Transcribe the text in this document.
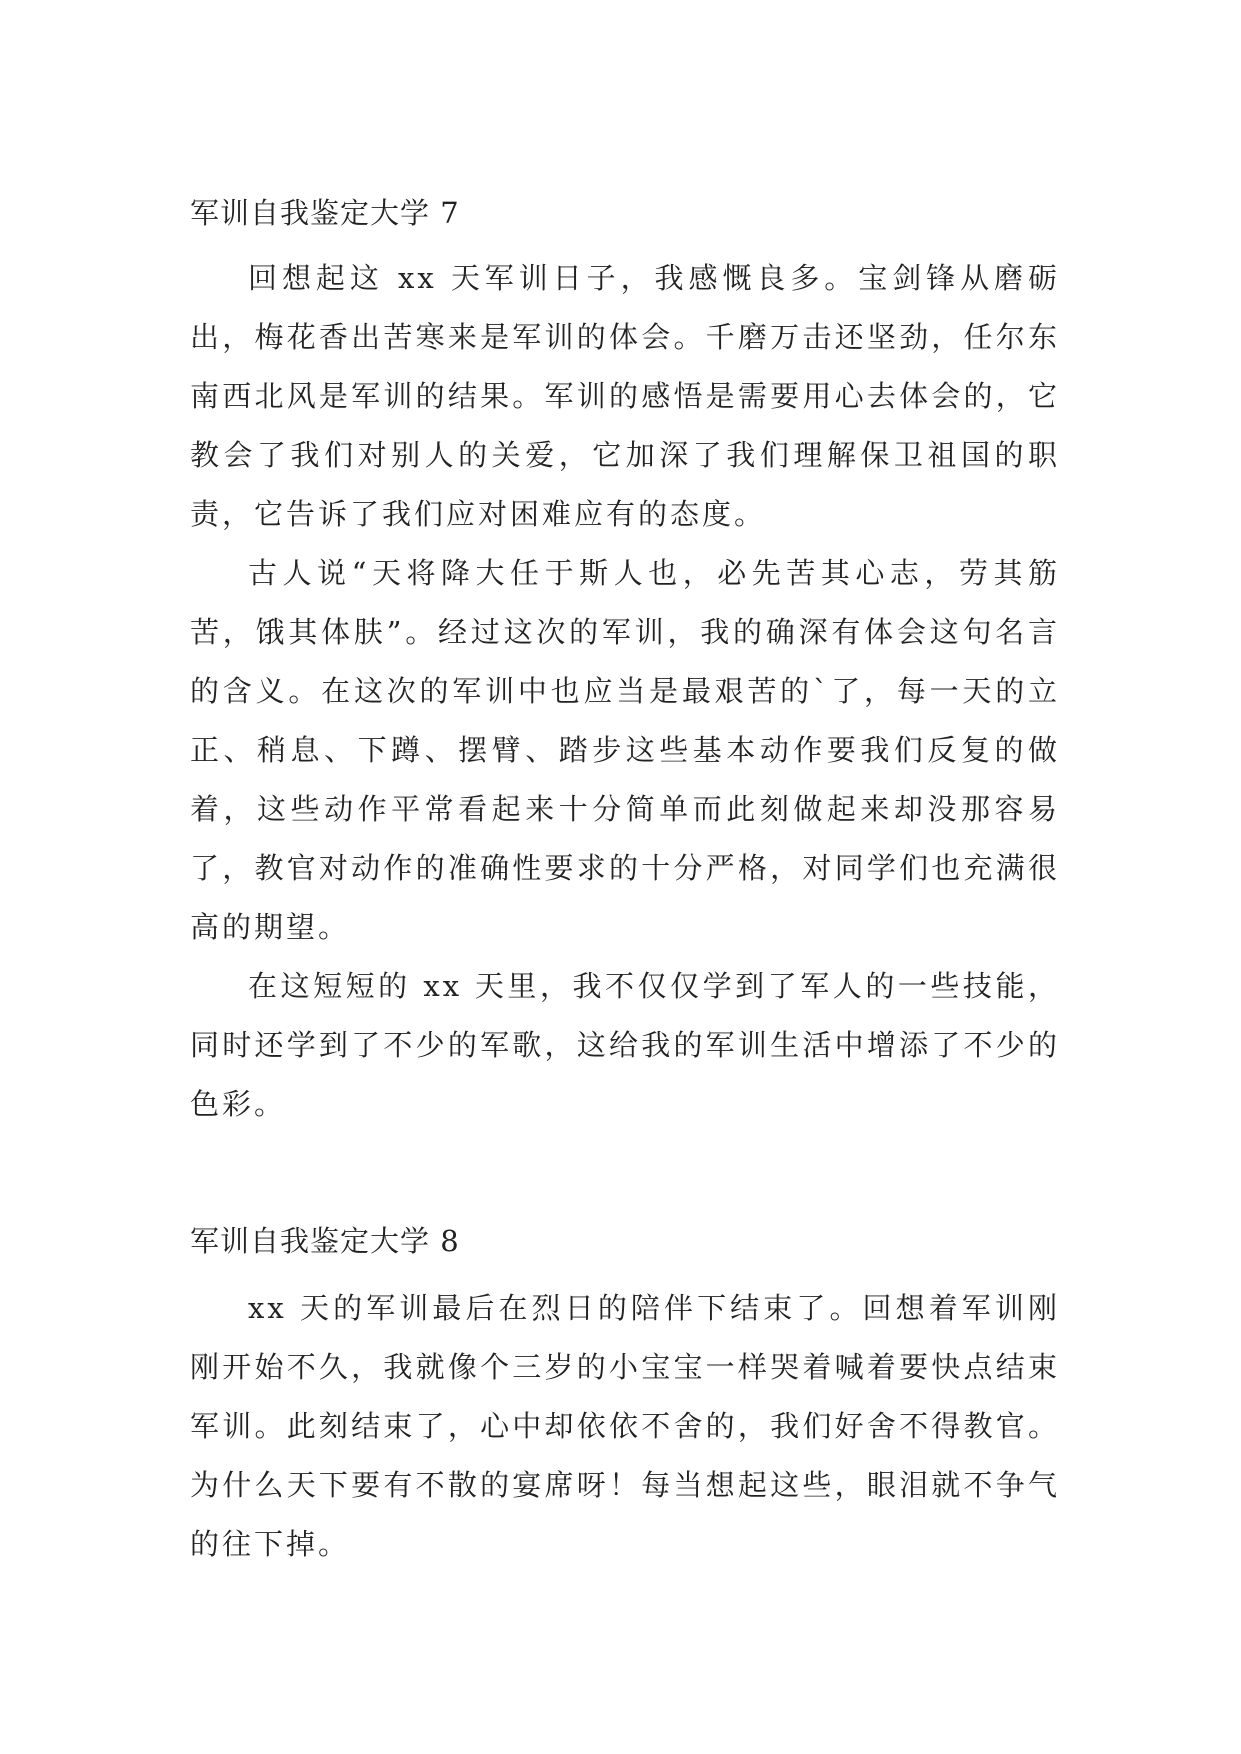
军训自我鉴定大学 7

回想起这 xx 天军训日子，我感慨良多。宝剑锋从磨砺出，梅花香出苦寒来是军训的体会。千磨万击还坚劲，任尔东南西北风是军训的结果。军训的感悟是需要用心去体会的，它教会了我们对别人的关爱，它加深了我们理解保卫祖国的职责，它告诉了我们应对困难应有的态度。

古人说“天将降大任于斯人也，必先苦其心志，劳其筋苦，饿其体肤”。经过这次的军训，我的确深有体会这句名言的含义。在这次的军训中也应当是最艰苦的`了，每一天的立正、稍息、下蹲、摆臂、踏步这些基本动作要我们反复的做着，这些动作平常看起来十分简单而此刻做起来却没那容易了，教官对动作的准确性要求的十分严格，对同学们也充满很高的期望。

在这短短的 xx 天里，我不仅仅学到了军人的一些技能，同时还学到了不少的军歌，这给我的军训生活中增添了不少的色彩。

军训自我鉴定大学 8

xx 天的军训最后在烈日的陪伴下结束了。回想着军训刚刚开始不久，我就像个三岁的小宝宝一样哭着喊着要快点结束军训。此刻结束了，心中却依依不舍的，我们好舍不得教官。为什么天下要有不散的宴席呀！每当想起这些，眼泪就不争气的往下掉。
